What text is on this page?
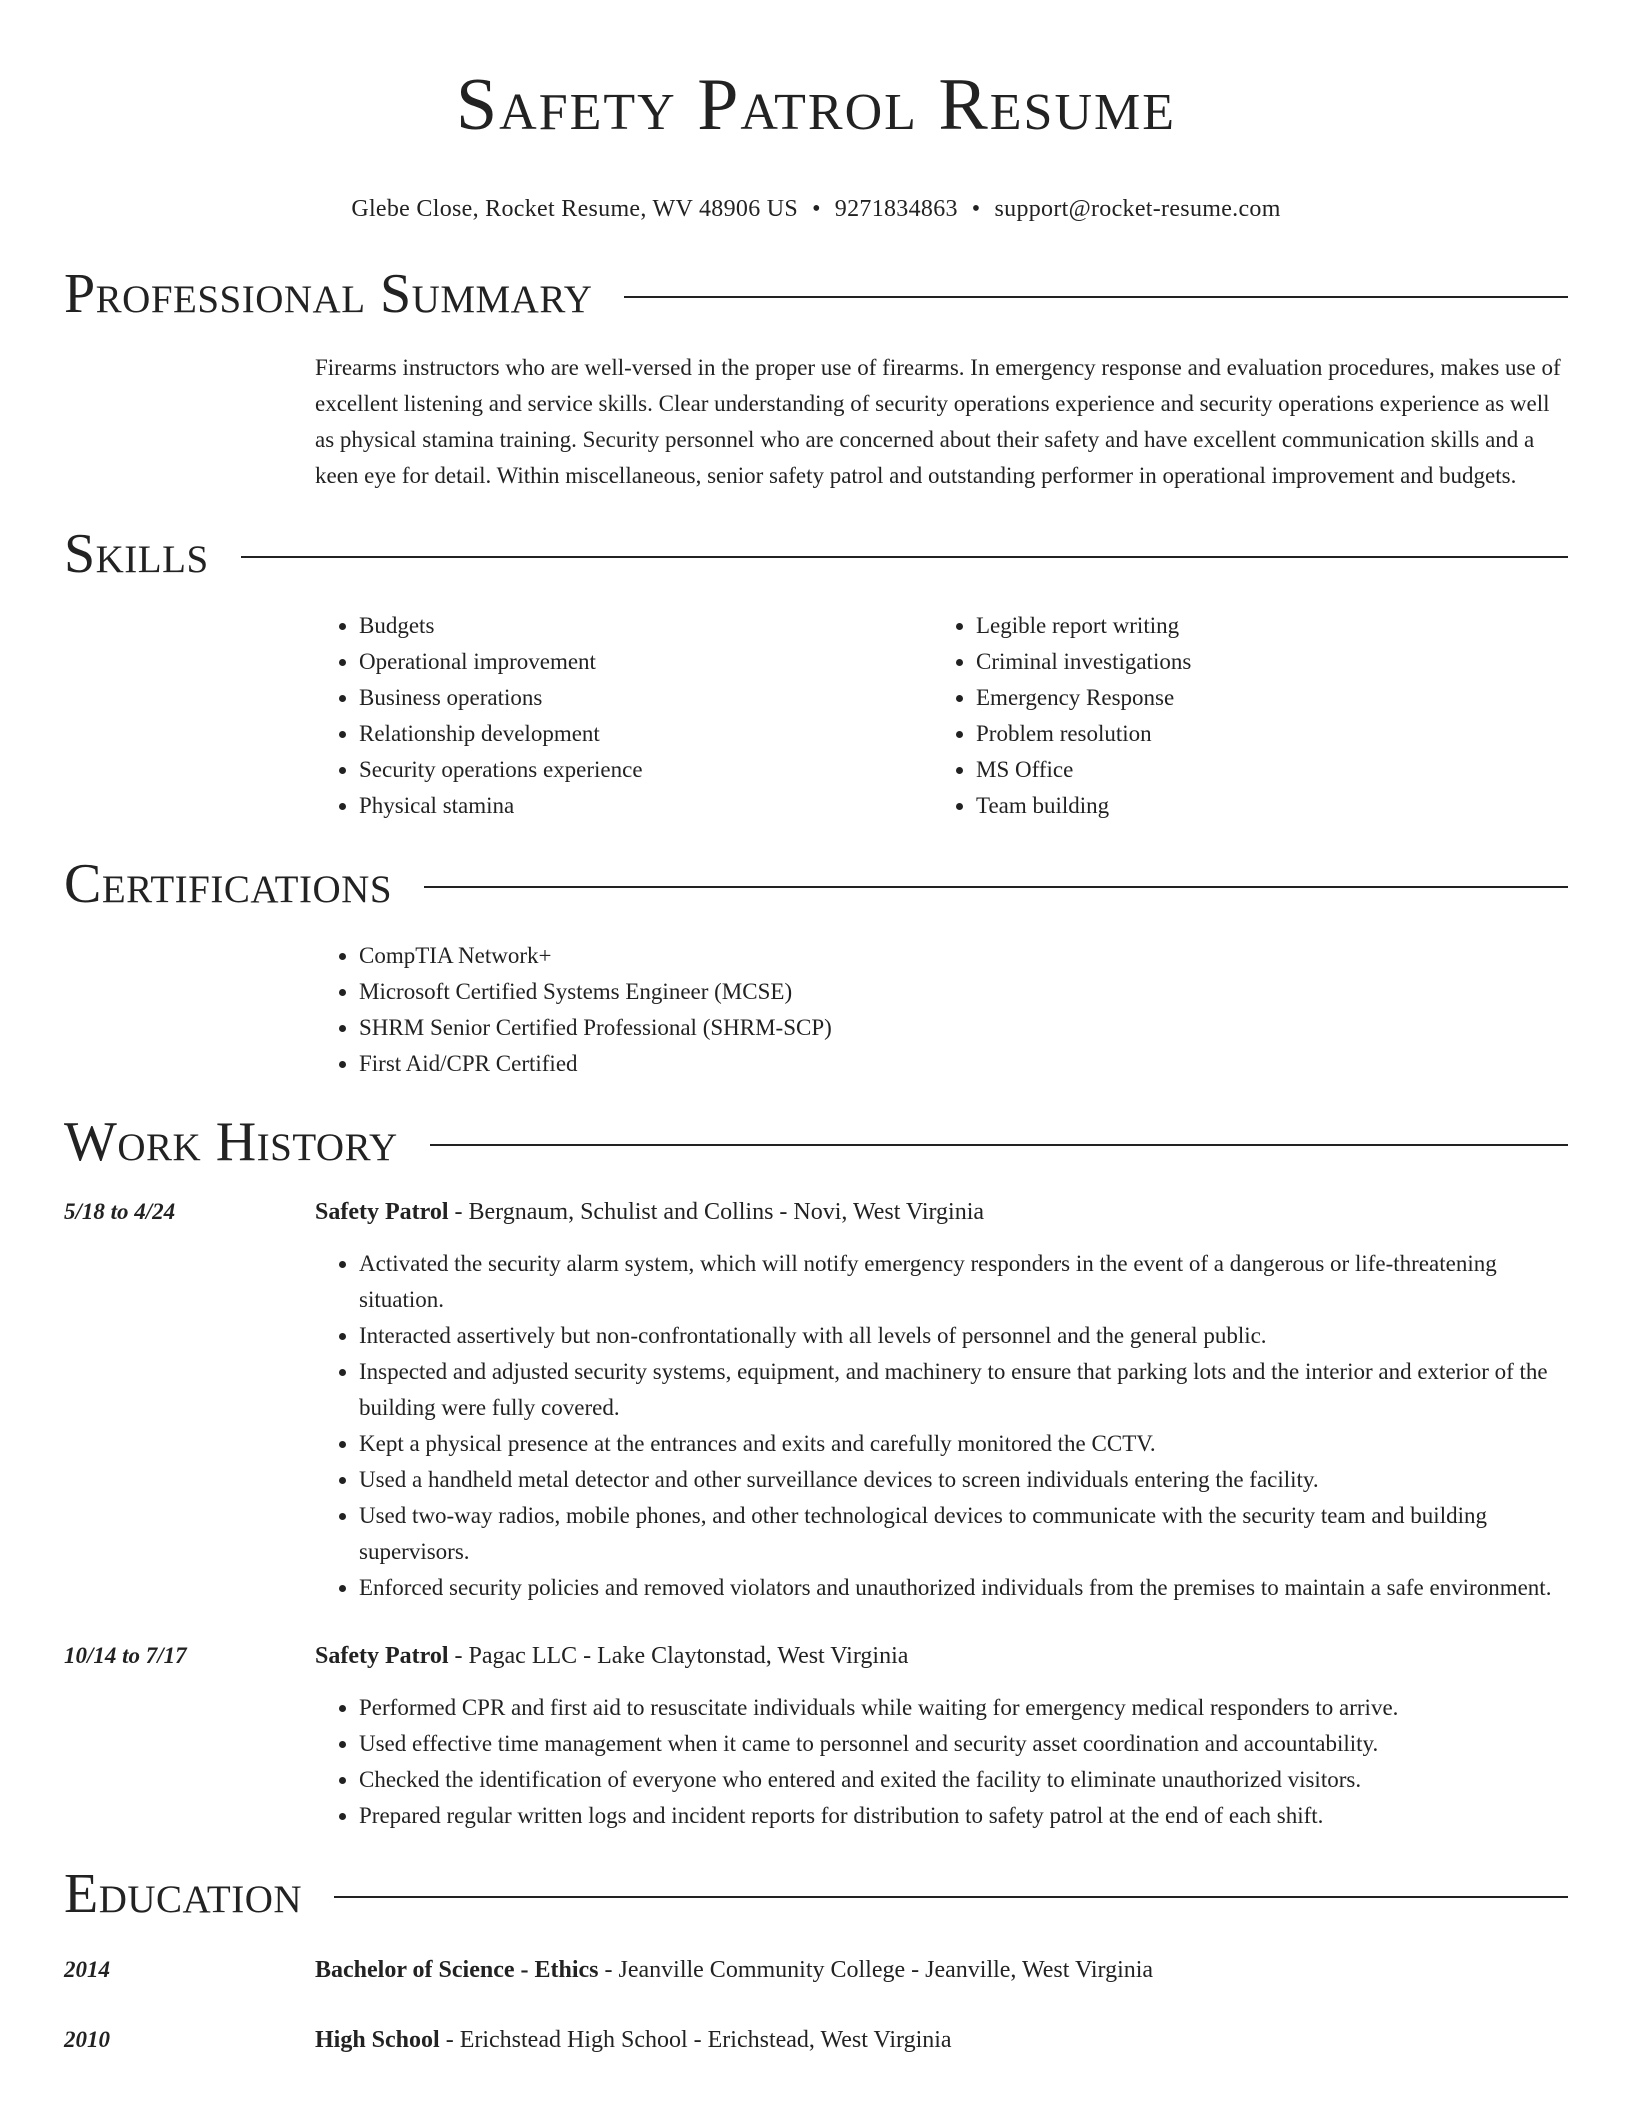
Safety Patrol Resume
Glebe Close, Rocket Resume, WV 48906 US • 9271834863 • support@rocket-resume.com
Professional Summary
Firearms instructors who are well-versed in the proper use of firearms. In emergency response and evaluation procedures, makes use of excellent listening and service skills. Clear understanding of security operations experience and security operations experience as well as physical stamina training. Security personnel who are concerned about their safety and have excellent communication skills and a keen eye for detail. Within miscellaneous, senior safety patrol and outstanding performer in operational improvement and budgets.
Skills
• Budgets
• Operational improvement
• Business operations
• Relationship development
• Security operations experience
• Physical stamina
• Legible report writing
• Criminal investigations
• Emergency Response
• Problem resolution
• MS Office
• Team building
Certifications
• CompTIA Network+
• Microsoft Certified Systems Engineer (MCSE)
• SHRM Senior Certified Professional (SHRM-SCP)
• First Aid/CPR Certified
Work History
5/18 to 4/24	Safety Patrol - Bergnaum, Schulist and Collins - Novi, West Virginia
• Activated the security alarm system, which will notify emergency responders in the event of a dangerous or life-threatening situation.
• Interacted assertively but non-confrontationally with all levels of personnel and the general public.
• Inspected and adjusted security systems, equipment, and machinery to ensure that parking lots and the interior and exterior of the building were fully covered.
• Kept a physical presence at the entrances and exits and carefully monitored the CCTV.
• Used a handheld metal detector and other surveillance devices to screen individuals entering the facility.
• Used two-way radios, mobile phones, and other technological devices to communicate with the security team and building supervisors.
• Enforced security policies and removed violators and unauthorized individuals from the premises to maintain a safe environment.
10/14 to 7/17	Safety Patrol - Pagac LLC - Lake Claytonstad, West Virginia
• Performed CPR and first aid to resuscitate individuals while waiting for emergency medical responders to arrive.
• Used effective time management when it came to personnel and security asset coordination and accountability.
• Checked the identification of everyone who entered and exited the facility to eliminate unauthorized visitors.
• Prepared regular written logs and incident reports for distribution to safety patrol at the end of each shift.
Education
2014	Bachelor of Science - Ethics - Jeanville Community College - Jeanville, West Virginia
2010	High School - Erichstead High School - Erichstead, West Virginia
